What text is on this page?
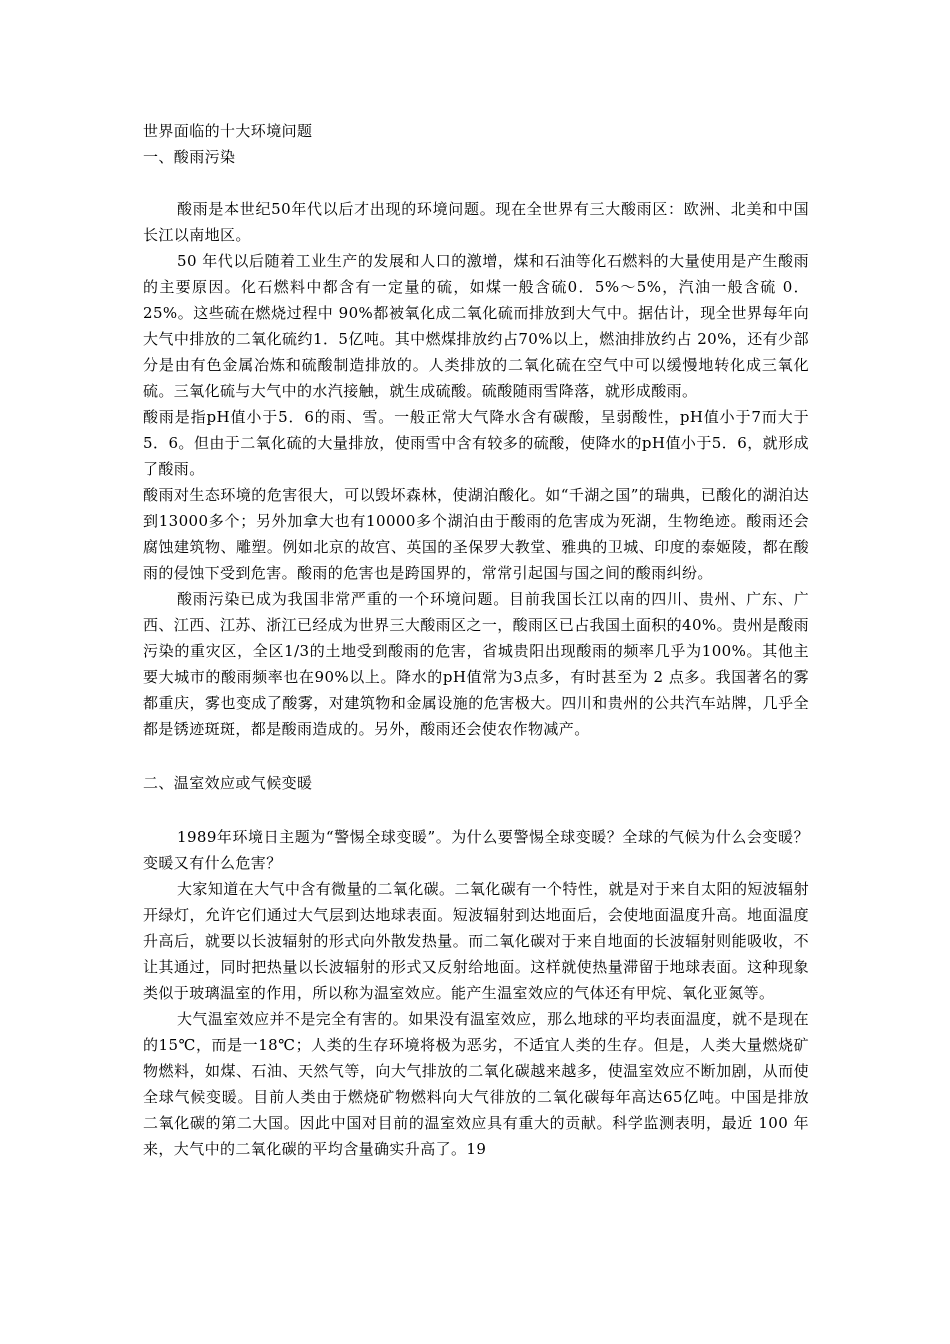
世界面临的十大环境问题

一、酸雨污染

酸雨是本世纪50年代以后才出现的环境问题。现在全世界有三大酸雨区：欧洲、北美和中国长江以南地区。

50 年代以后随着工业生产的发展和人口的激增，煤和石油等化石燃料的大量使用是产生酸雨的主要原因。化石燃料中都含有一定量的硫，如煤一般含硫0．5%～5%，汽油一般含硫 0．25%。这些硫在燃烧过程中 90%都被氧化成二氧化硫而排放到大气中。据估计，现全世界每年向大气中排放的二氧化硫约1．5亿吨。其中燃煤排放约占70%以上，燃油排放约占 20%，还有少部分是由有色金属冶炼和硫酸制造排放的。人类排放的二氧化硫在空气中可以缓慢地转化成三氧化硫。三氧化硫与大气中的水汽接触，就生成硫酸。硫酸随雨雪降落，就形成酸雨。

酸雨是指pH值小于5．6的雨、雪。一般正常大气降水含有碳酸，呈弱酸性，pH值小于7而大于5．6。但由于二氧化硫的大量排放，使雨雪中含有较多的硫酸，使降水的pH值小于5．6，就形成了酸雨。

酸雨对生态环境的危害很大，可以毁坏森林，使湖泊酸化。如“千湖之国”的瑞典，已酸化的湖泊达到13000多个；另外加拿大也有10000多个湖泊由于酸雨的危害成为死湖，生物绝迹。酸雨还会腐蚀建筑物、雕塑。例如北京的故宫、英国的圣保罗大教堂、雅典的卫城、印度的泰姬陵，都在酸雨的侵蚀下受到危害。酸雨的危害也是跨国界的，常常引起国与国之间的酸雨纠纷。

酸雨污染已成为我国非常严重的一个环境问题。目前我国长江以南的四川、贵州、广东、广西、江西、江苏、浙江已经成为世界三大酸雨区之一，酸雨区已占我国土面积的40%。贵州是酸雨污染的重灾区，全区1/3的土地受到酸雨的危害，省城贵阳出现酸雨的频率几乎为100%。其他主要大城市的酸雨频率也在90%以上。降水的pH值常为3点多，有时甚至为 2 点多。我国著名的雾都重庆，雾也变成了酸雾，对建筑物和金属设施的危害极大。四川和贵州的公共汽车站牌，几乎全都是锈迹斑斑，都是酸雨造成的。另外，酸雨还会使农作物减产。

二、温室效应或气候变暖

1989年环境日主题为“警惕全球变暖”。为什么要警惕全球变暖？全球的气候为什么会变暖？变暖又有什么危害？

大家知道在大气中含有微量的二氧化碳。二氧化碳有一个特性，就是对于来自太阳的短波辐射开绿灯，允许它们通过大气层到达地球表面。短波辐射到达地面后，会使地面温度升高。地面温度升高后，就要以长波辐射的形式向外散发热量。而二氧化碳对于来自地面的长波辐射则能吸收，不让其通过，同时把热量以长波辐射的形式又反射给地面。这样就使热量滞留于地球表面。这种现象类似于玻璃温室的作用，所以称为温室效应。能产生温室效应的气体还有甲烷、氧化亚氮等。

大气温室效应并不是完全有害的。如果没有温室效应，那么地球的平均表面温度，就不是现在的15℃，而是一18℃；人类的生存环境将极为恶劣，不适宜人类的生存。但是，人类大量燃烧矿物燃料，如煤、石油、天然气等，向大气排放的二氧化碳越来越多，使温室效应不断加剧，从而使全球气候变暖。目前人类由于燃烧矿物燃料向大气徘放的二氧化碳每年高达65亿吨。中国是排放二氧化碳的第二大国。因此中国对目前的温室效应具有重大的贡献。科学监测表明，最近 100 年来，大气中的二氧化碳的平均含量确实升高了。19
